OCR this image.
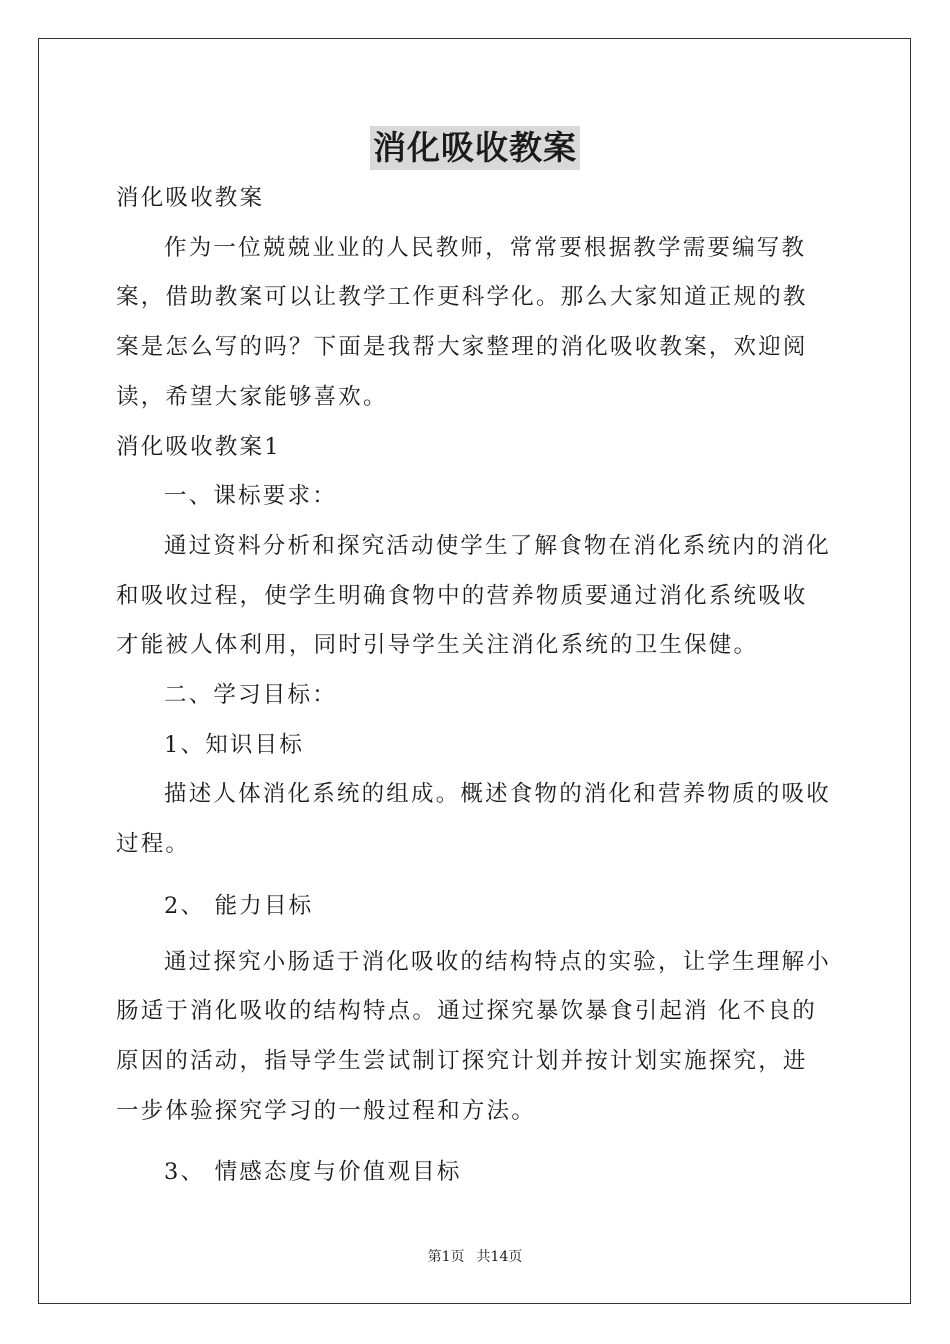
消化吸收教案

消化吸收教案

作为一位兢兢业业的人民教师，常常要根据教学需要编写教案，借助教案可以让教学工作更科学化。那么大家知道正规的教案是怎么写的吗？下面是我帮大家整理的消化吸收教案，欢迎阅读，希望大家能够喜欢。

消化吸收教案1

一、课标要求：

通过资料分析和探究活动使学生了解食物在消化系统内的消化和吸收过程，使学生明确食物中的营养物质要通过消化系统吸收才能被人体利用，同时引导学生关注消化系统的卫生保健。

二、学习目标：

1、知识目标

描述人体消化系统的组成。概述食物的消化和营养物质的吸收过程。

2、 能力目标

通过探究小肠适于消化吸收的结构特点的实验，让学生理解小肠适于消化吸收的结构特点。通过探究暴饮暴食引起消 化不良的原因的活动，指导学生尝试制订探究计划并按计划实施探究，进一步体验探究学习的一般过程和方法。

3、 情感态度与价值观目标

第1页 共14页
